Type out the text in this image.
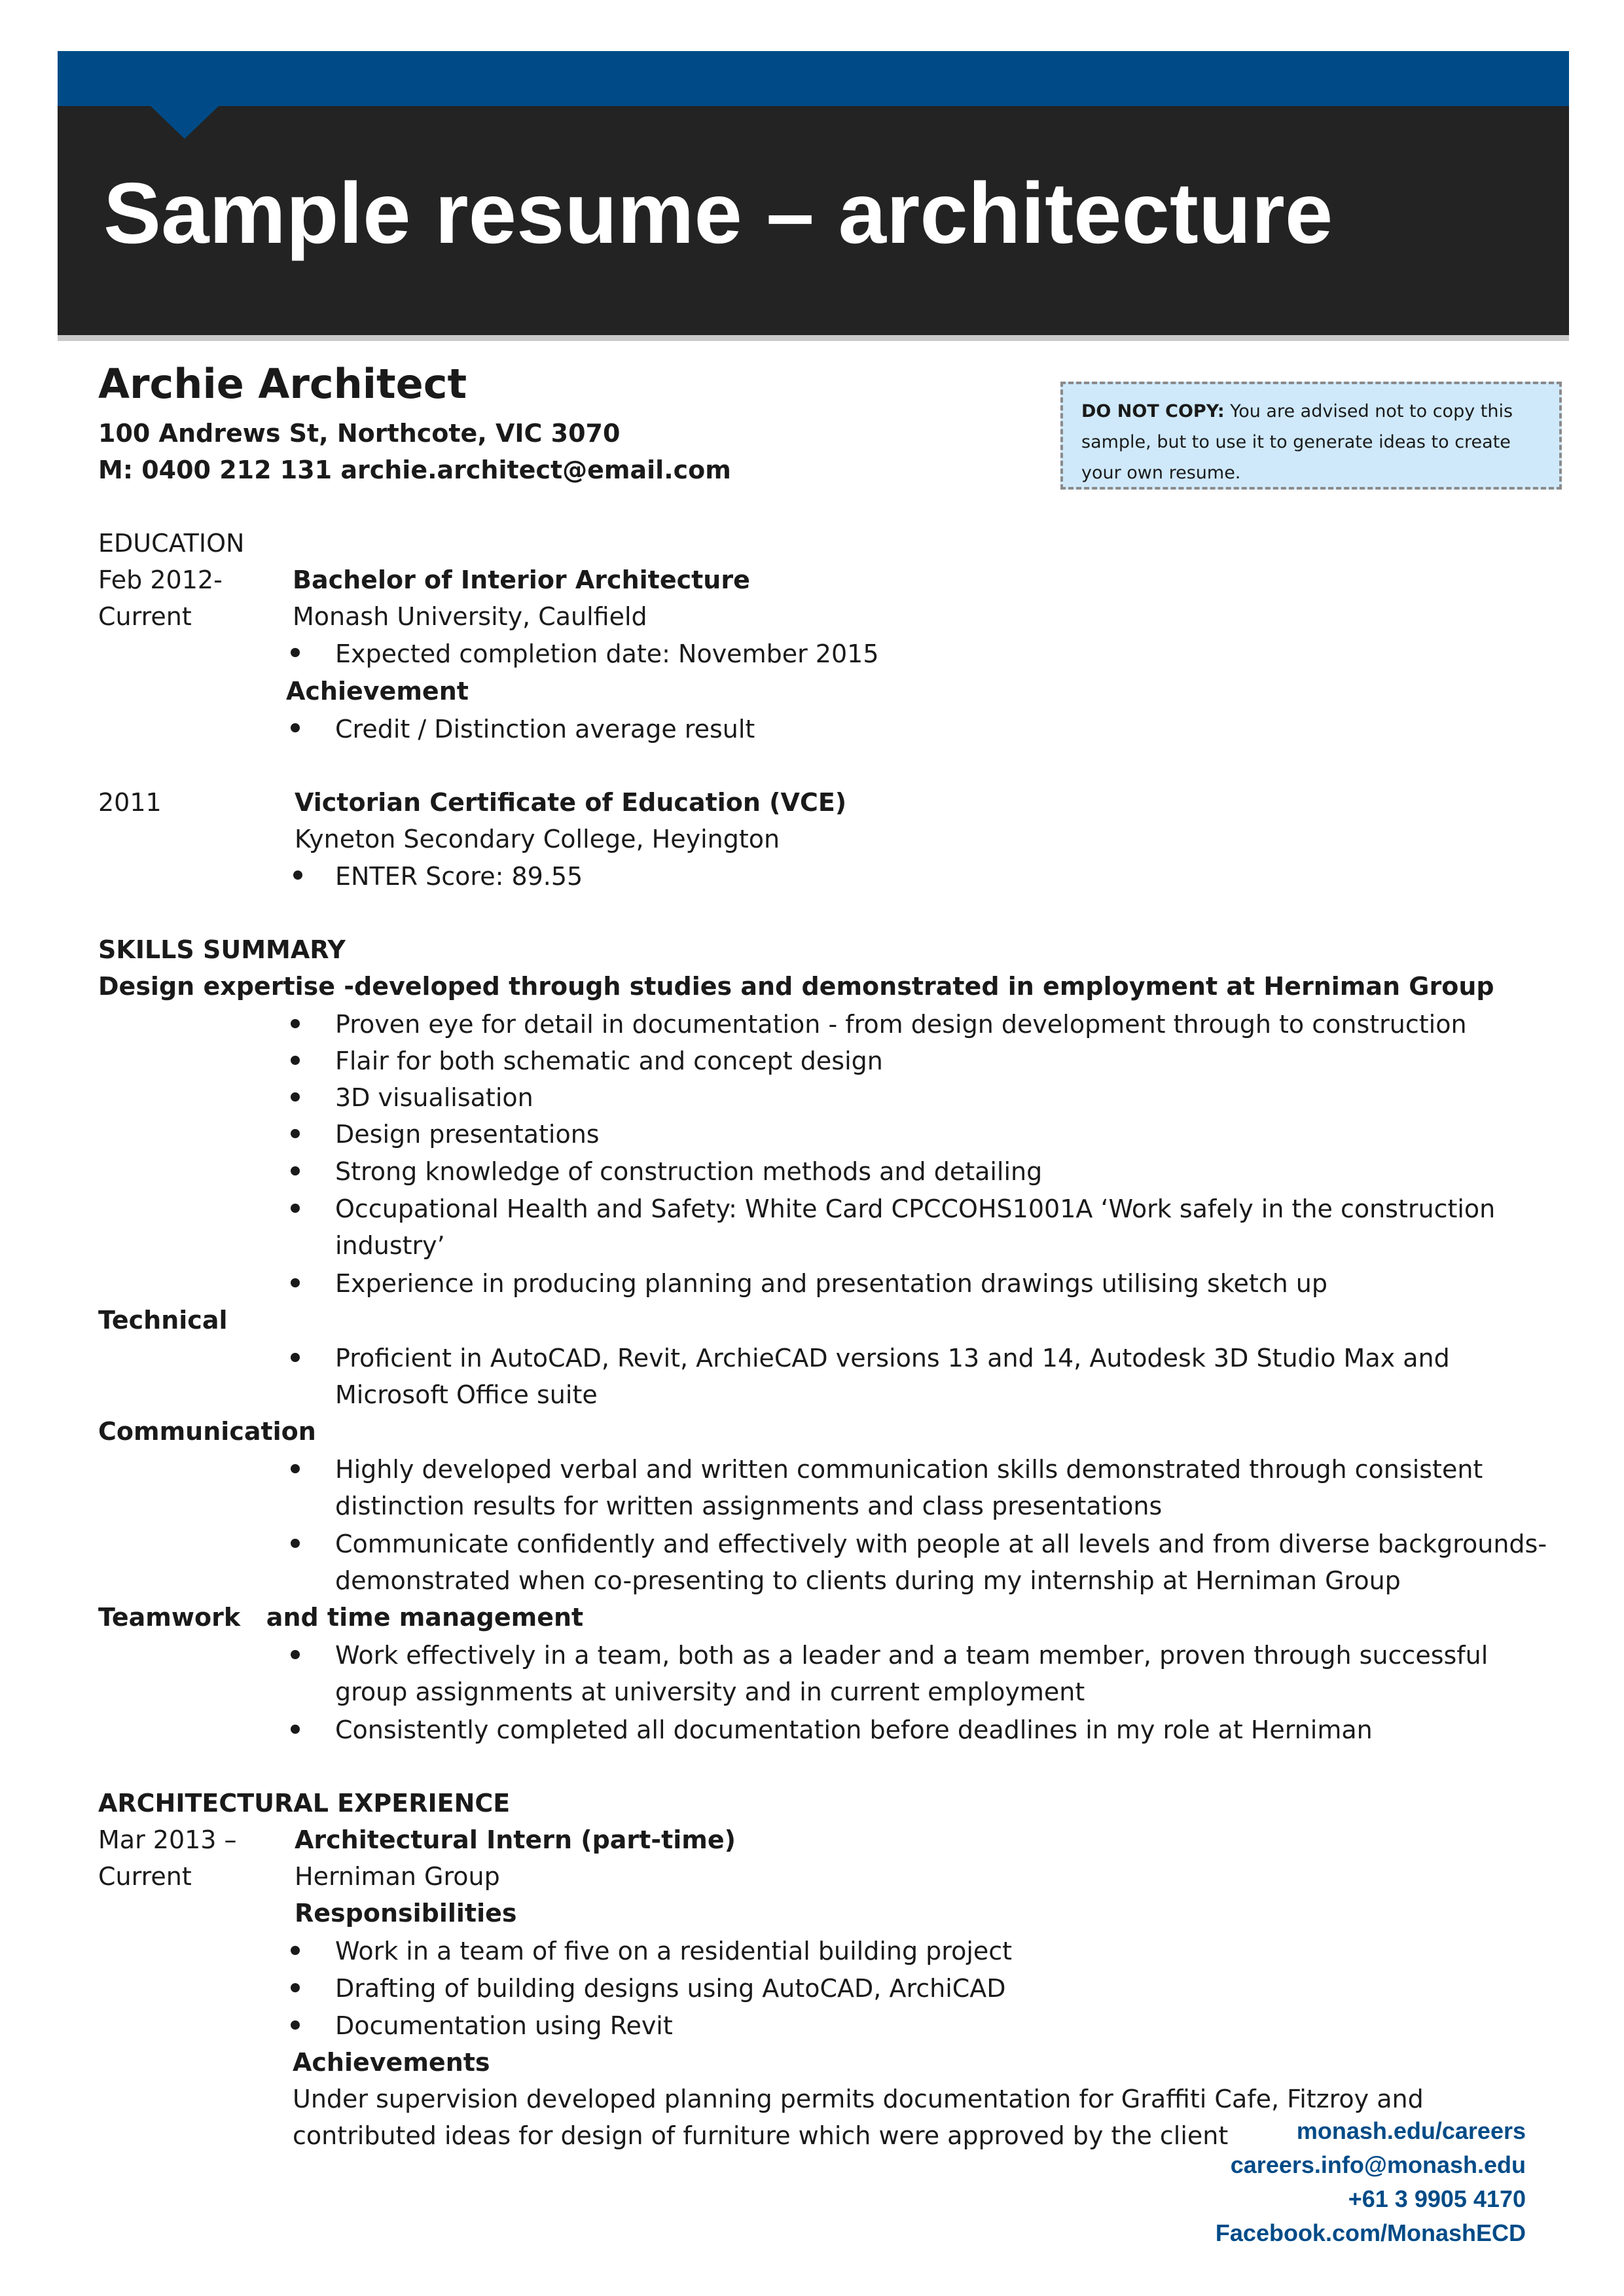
Sample resume – architecture
DO NOT COPY: You are advised not to copy this sample, but to use it to generate ideas to create your own resume.
Archie Architect
100 Andrews St, Northcote, VIC 3070
M: 0400 212 131 archie.architect@email.com
EDUCATION
Feb 2012-
Current
Bachelor of Interior Architecture
Monash University, Caulfield
Expected completion date: November 2015
Achievement
Credit / Distinction average result
2011	Victorian Certificate of Education (VCE)
Kyneton Secondary College, Heyington
ENTER Score: 89.55
SKILLS SUMMARY
Design expertise -developed through studies and demonstrated in employment at Herniman Group
Proven eye for detail in documentation - from design development through to construction
Flair for both schematic and concept design
3D visualisation
Design presentations
Strong knowledge of construction methods and detailing
Occupational Health and Safety: White Card CPCCOHS1001A ‘Work safely in the construction
industry’
Experience in producing planning and presentation drawings utilising sketch up
Technical
Proficient in AutoCAD, Revit, ArchieCAD versions 13 and 14, Autodesk 3D Studio Max and
Microsoft Office suite
Communication
Highly developed verbal and written communication skills demonstrated through consistent
distinction results for written assignments and class presentations
Communicate confidently and effectively with people at all levels and from diverse backgrounds-
demonstrated when co-presenting to clients during my internship at Herniman Group
Teamwork   and time management
Work effectively in a team, both as a leader and a team member, proven through successful
group assignments at university and in current employment
Consistently completed all documentation before deadlines in my role at Herniman
ARCHITECTURAL EXPERIENCE
Mar 2013 –
Current
Architectural Intern (part-time)
Herniman Group
Responsibilities
Work in a team of five on a residential building project
Drafting of building designs using AutoCAD, ArchiCAD
Documentation using Revit
Achievements
Under supervision developed planning permits documentation for Graffiti Cafe, Fitzroy and
contributed ideas for design of furniture which were approved by the client	monash.edu/careers
careers.info@monash.edu
+61 3 9905 4170
Facebook.com/MonashECD
